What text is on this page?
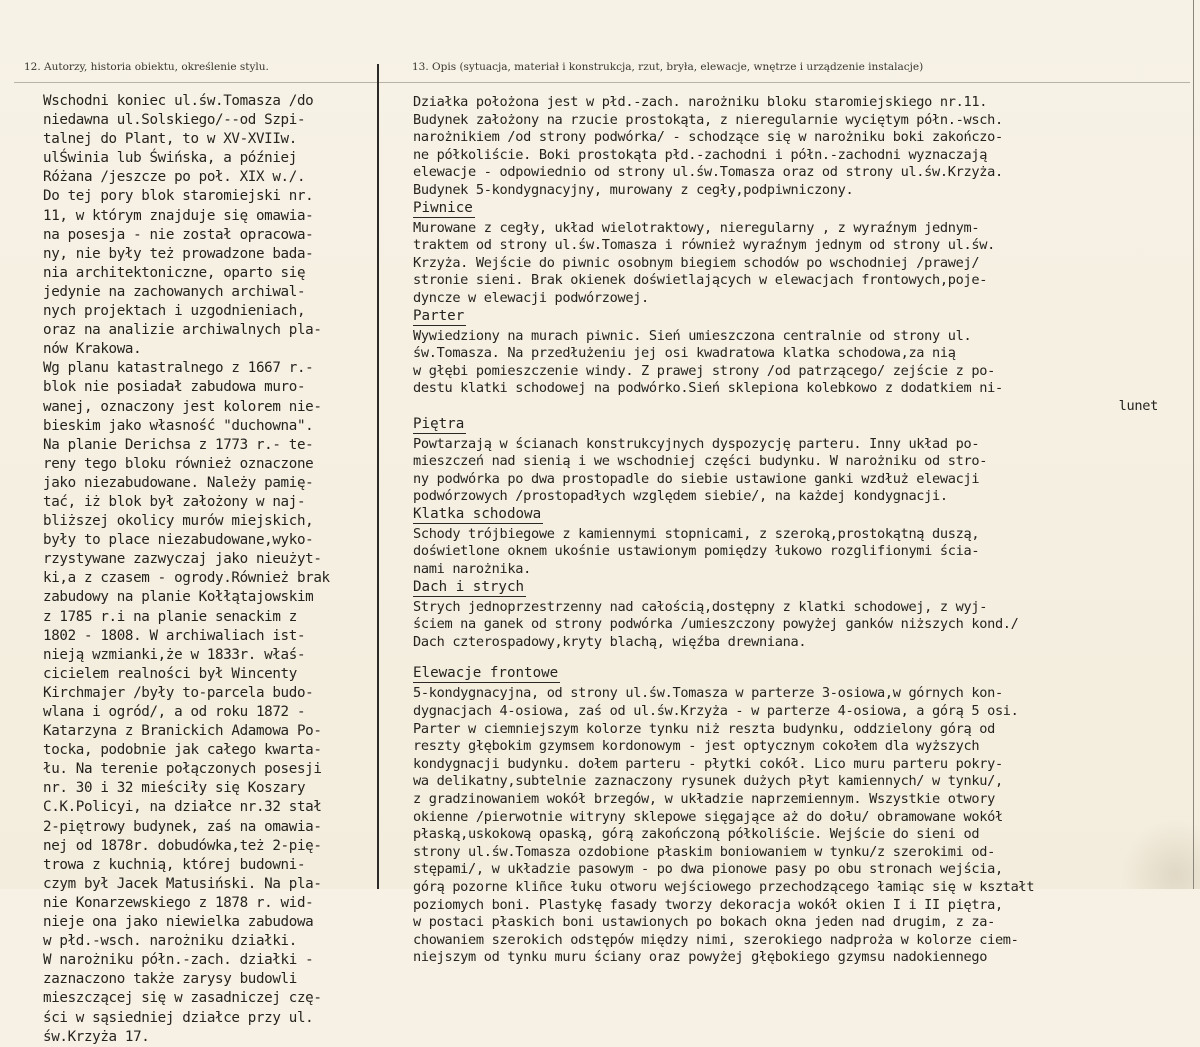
12. Autorzy, historia obiektu, określenie stylu.	13. Opis (sytuacja, materiał i konstrukcja, rzut, bryła, elewacje, wnętrze i urządzenie instalacje)
Wschodni koniec ul.św.Tomasza /do
niedawna ul.Solskiego/--od Szpi-
talnej do Plant, to w XV-XVIIw.
ulŚwinia lub Świńska, a później
Różana /jeszcze po poł. XIX w./.
Do tej pory blok staromiejski nr.
11, w którym znajduje się omawia-
na posesja - nie został opracowa-
ny, nie były też prowadzone bada-
nia architektoniczne, oparto się
jedynie na zachowanych archiwal-
nych projektach i uzgodnieniach,
oraz na analizie archiwalnych pla-
nów Krakowa.
Wg planu katastralnego z 1667 r.-
blok nie posiadał zabudowa muro-
wanej, oznaczony jest kolorem nie-
bieskim jako własność "duchowna".
Na planie Derichsa z 1773 r.- te-
reny tego bloku również oznaczone
jako niezabudowane. Należy pamię-
tać, iż blok był założony w naj-
bliższej okolicy murów miejskich,
były to place niezabudowane,wyko-
rzystywane zazwyczaj jako nieużyt-
ki,a z czasem - ogrody.Również brak
zabudowy na planie Kołłątajowskim
z 1785 r.i na planie senackim z
1802 - 1808. W archiwaliach ist-
nieją wzmianki,że w 1833r. właś-
cicielem realności był Wincenty
Kirchmajer /były to-parcela budo-
wlana i ogród/, a od roku 1872 -
Katarzyna z Branickich Adamowa Po-
tocka, podobnie jak całego kwarta-
łu. Na terenie połączonych posesji
nr. 30 i 32 mieściły się Koszary
C.K.Policyi, na działce nr.32 stał
2-piętrowy budynek, zaś na omawia-
nej od 1878r. dobudówka,też 2-pię-
trowa z kuchnią, której budowni-
czym był Jacek Matusiński. Na pla-
nie Konarzewskiego z 1878 r. wid-
nieje ona jako niewielka zabudowa
w płd.-wsch. narożniku działki.
W narożniku półn.-zach. działki -
zaznaczono także zarysy budowli
mieszczącej się w zasadniczej czę-
ści w sąsiedniej działce przy ul.
św.Krzyża 17.
Działka położona jest w płd.-zach. narożniku bloku staromiejskiego nr.11.
Budynek założony na rzucie prostokąta, z nieregularnie wyciętym półn.-wsch.
narożnikiem /od strony podwórka/ - schodzące się w narożniku boki zakończo-
ne półkoliście. Boki prostokąta płd.-zachodni i półn.-zachodni wyznaczają
elewacje - odpowiednio od strony ul.św.Tomasza oraz od strony ul.św.Krzyża.
Budynek 5-kondygnacyjny, murowany z cegły,podpiwniczony.
Piwnice
Murowane z cegły, układ wielotraktowy, nieregularny , z wyraźnym jednym-
traktem od strony ul.św.Tomasza i również wyraźnym jednym od strony ul.św.
Krzyża. Wejście do piwnic osobnym biegiem schodów po wschodniej /prawej/
stronie sieni. Brak okienek doświetlających w elewacjach frontowych,poje-
dyncze w elewacji podwórzowej.
Parter
Wywiedziony na murach piwnic. Sień umieszczona centralnie od strony ul.
św.Tomasza. Na przedłużeniu jej osi kwadratowa klatka schodowa,za nią
w głębi pomieszczenie windy. Z prawej strony /od patrzącego/ zejście z po-
destu klatki schodowej na podwórko.Sień sklepiona kolebkowo z dodatkiem ni-
lunet
Piętra
Powtarzają w ścianach konstrukcyjnych dyspozycję parteru. Inny układ po-
mieszczeń nad sienią i we wschodniej części budynku. W narożniku od stro-
ny podwórka po dwa prostopadle do siebie ustawione ganki wzdłuż elewacji
podwórzowych /prostopadłych względem siebie/, na każdej kondygnacji.
Klatka schodowa
Schody trójbiegowe z kamiennymi stopnicami, z szeroką,prostokątną duszą,
doświetlone oknem ukośnie ustawionym pomiędzy łukowo rozglifionymi ścia-
nami narożnika.
Dach i strych
Strych jednoprzestrzenny nad całością,dostępny z klatki schodowej, z wyj-
ściem na ganek od strony podwórka /umieszczony powyżej ganków niższych kond./
Dach czterospadowy,kryty blachą, więźba drewniana.
Elewacje frontowe
5-kondygnacyjna, od strony ul.św.Tomasza w parterze 3-osiowa,w górnych kon-
dygnacjach 4-osiowa, zaś od ul.św.Krzyża - w parterze 4-osiowa, a górą 5 osi.
Parter w ciemniejszym kolorze tynku niż reszta budynku, oddzielony górą od
reszty głębokim gzymsem kordonowym - jest optycznym cokołem dla wyższych
kondygnacji budynku. dołem parteru - płytki cokół. Lico muru parteru pokry-
wa delikatny,subtelnie zaznaczony rysunek dużych płyt kamiennych/ w tynku/,
z gradzinowaniem wokół brzegów, w układzie naprzemiennym. Wszystkie otwory
okienne /pierwotnie witryny sklepowe sięgające aż do dołu/ obramowane wokół
płaską,uskokową opaską, górą zakończoną półkoliście. Wejście do sieni od
strony ul.św.Tomasza ozdobione płaskim boniowaniem w tynku/z szerokimi od-
stępami/, w układzie pasowym - po dwa pionowe pasy po obu stronach wejścia,
górą pozorne kliñce łuku otworu wejściowego przechodzącego łamiąc się w kształt
poziomych boni. Plastykę fasady tworzy dekoracja wokół okien I i II piętra,
w postaci płaskich boni ustawionych po bokach okna jeden nad drugim, z za-
chowaniem szerokich odstępów między nimi, szerokiego nadproża w kolorze ciem-
niejszym od tynku muru ściany oraz powyżej głębokiego gzymsu nadokiennego
